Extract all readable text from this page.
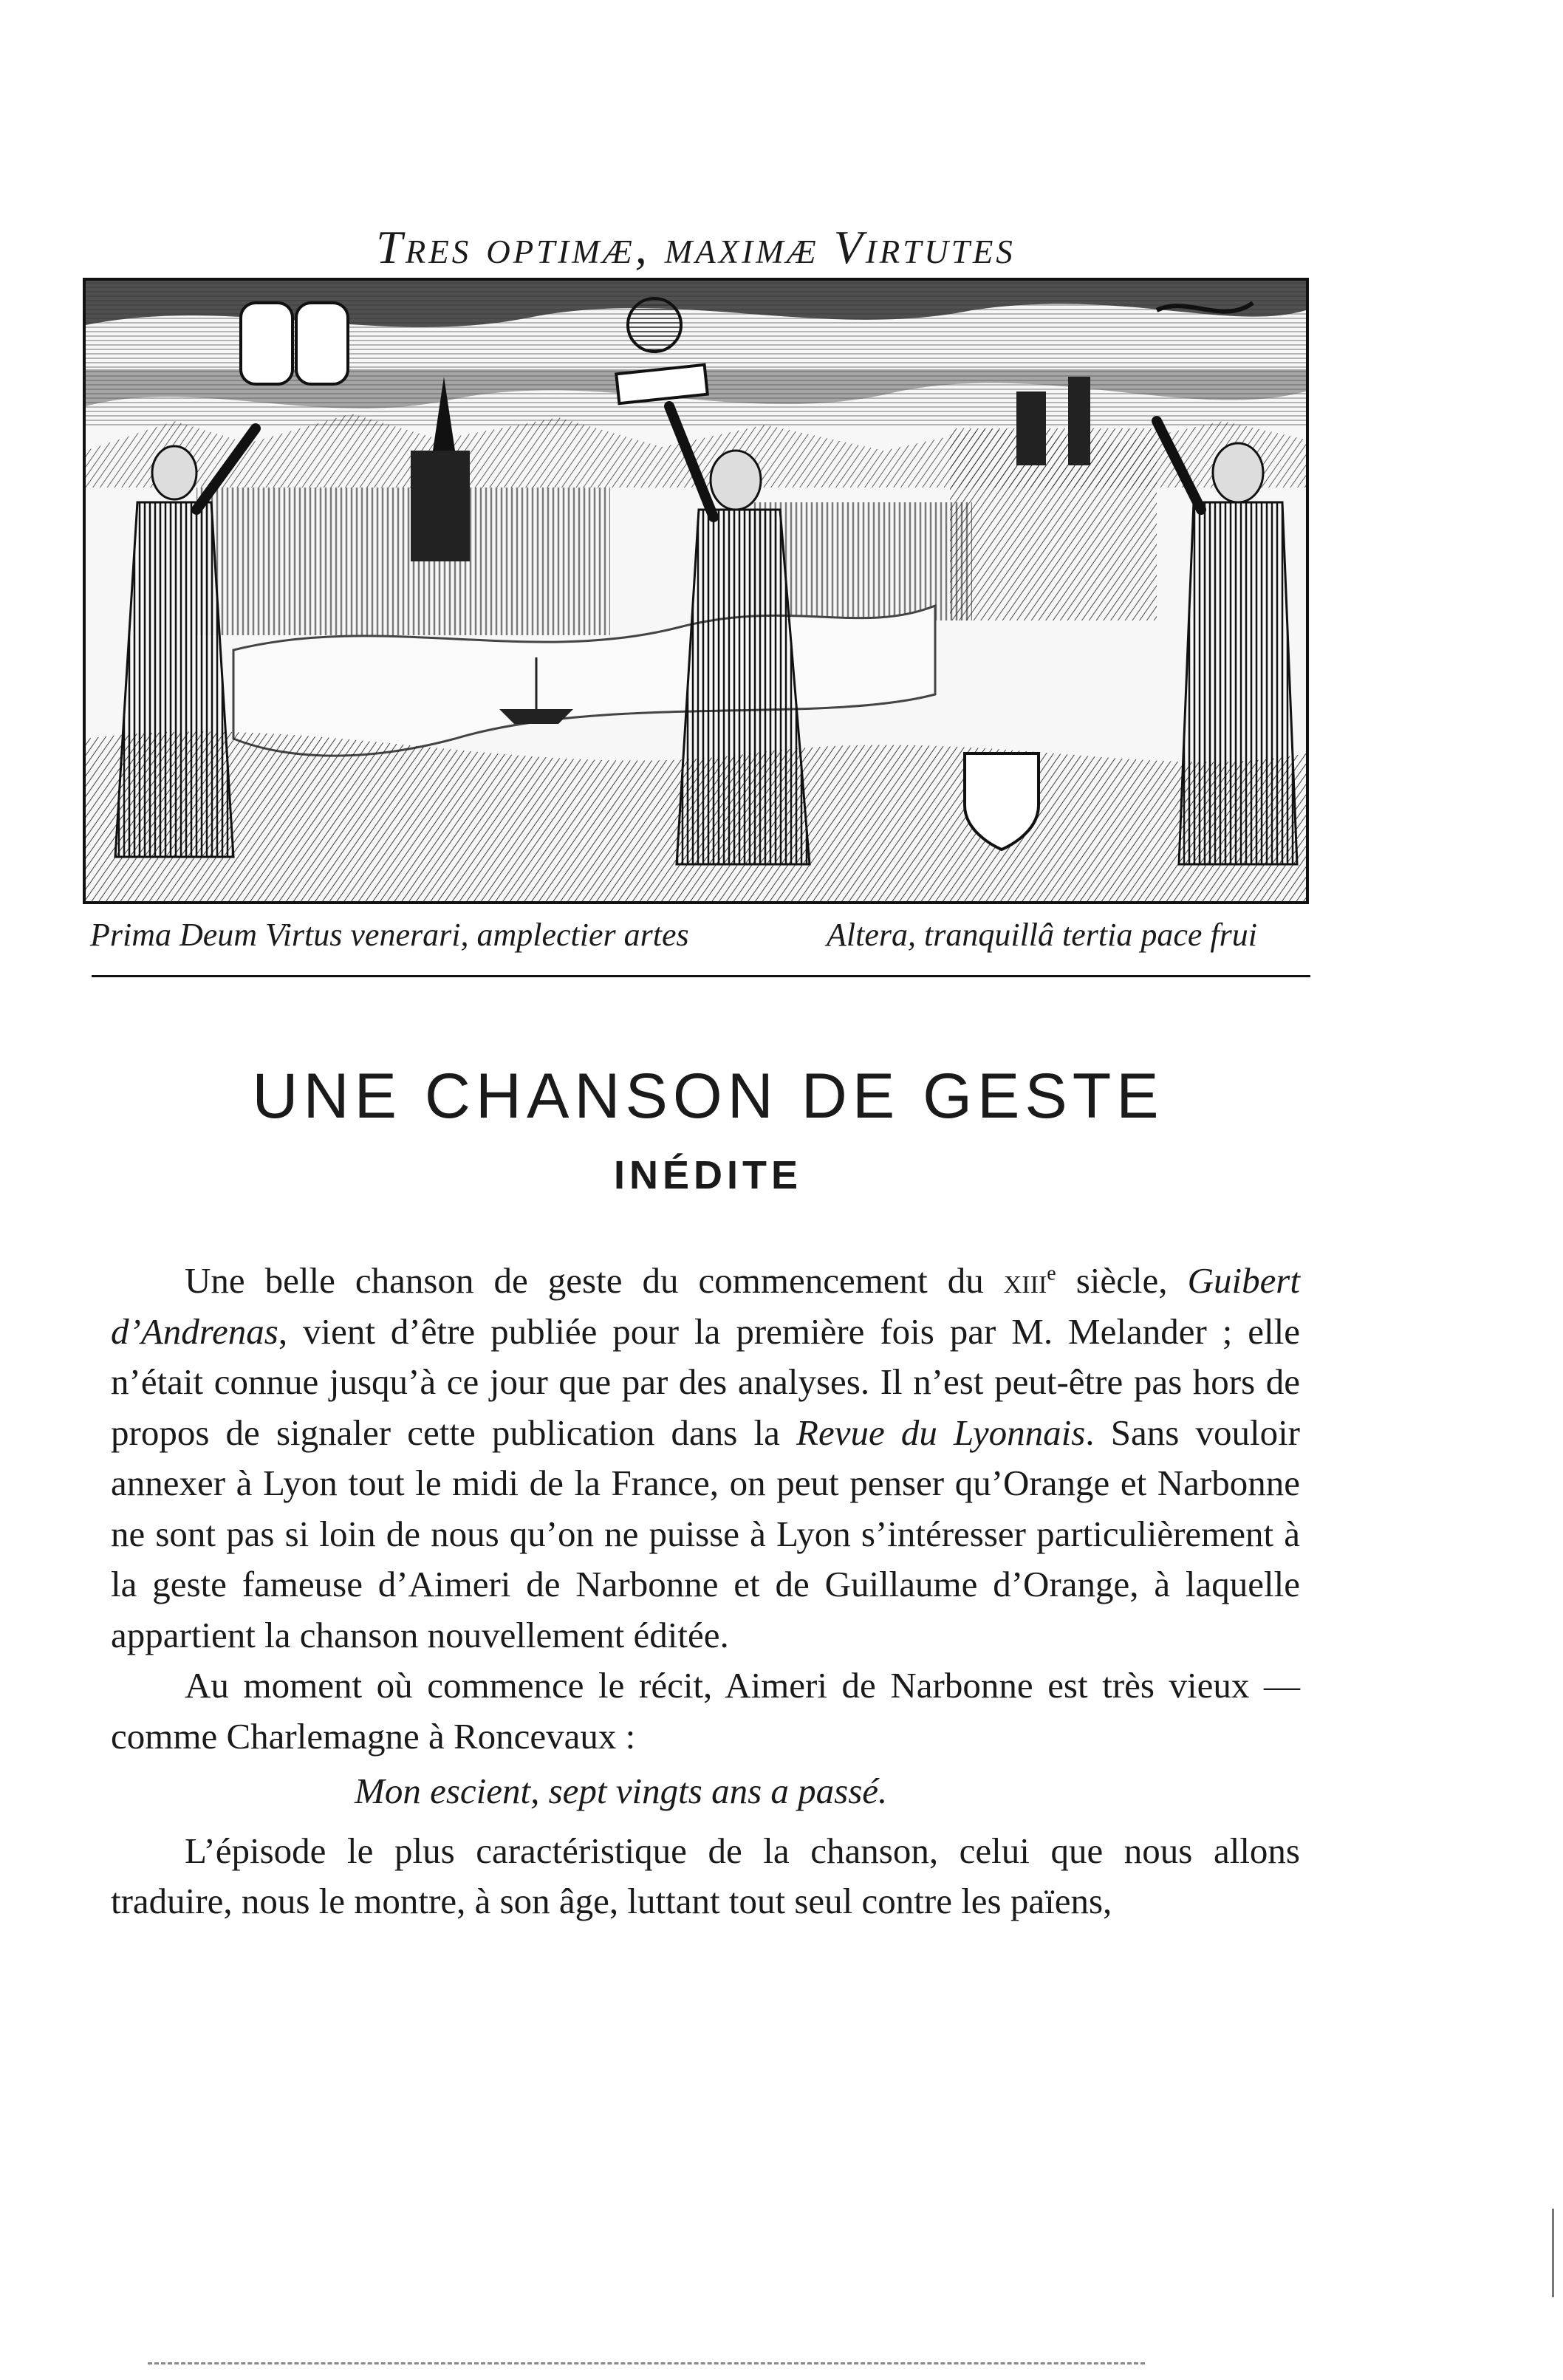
Tres optimæ, maximæ Virtutes
Prima Deum Virtus venerari, amplectier artes	Altera, tranquillâ tertia pace frui
UNE CHANSON DE GESTE
INÉDITE

Une belle chanson de geste du commencement du xiii$^e$ siècle, Guibert d’Andrenas, vient d’être publiée pour la première fois par M. Melander ; elle n’était connue jusqu’à ce jour que par des analyses. Il n’est peut-être pas hors de propos de signaler cette publication dans la Revue du Lyonnais. Sans vouloir annexer à Lyon tout le midi de la France, on peut penser qu’Orange et Narbonne ne sont pas si loin de nous qu’on ne puisse à Lyon s’intéresser particulièrement à la geste fameuse d’Aimeri de Narbonne et de Guillaume d’Orange, à laquelle appartient la chanson nouvellement éditée.

Au moment où commence le récit, Aimeri de Narbonne est très vieux — comme Charlemagne à Roncevaux :

Mon escient, sept vingts ans a passé.

L’épisode le plus caractéristique de la chanson, celui que nous allons traduire, nous le montre, à son âge, luttant tout seul contre les païens,
